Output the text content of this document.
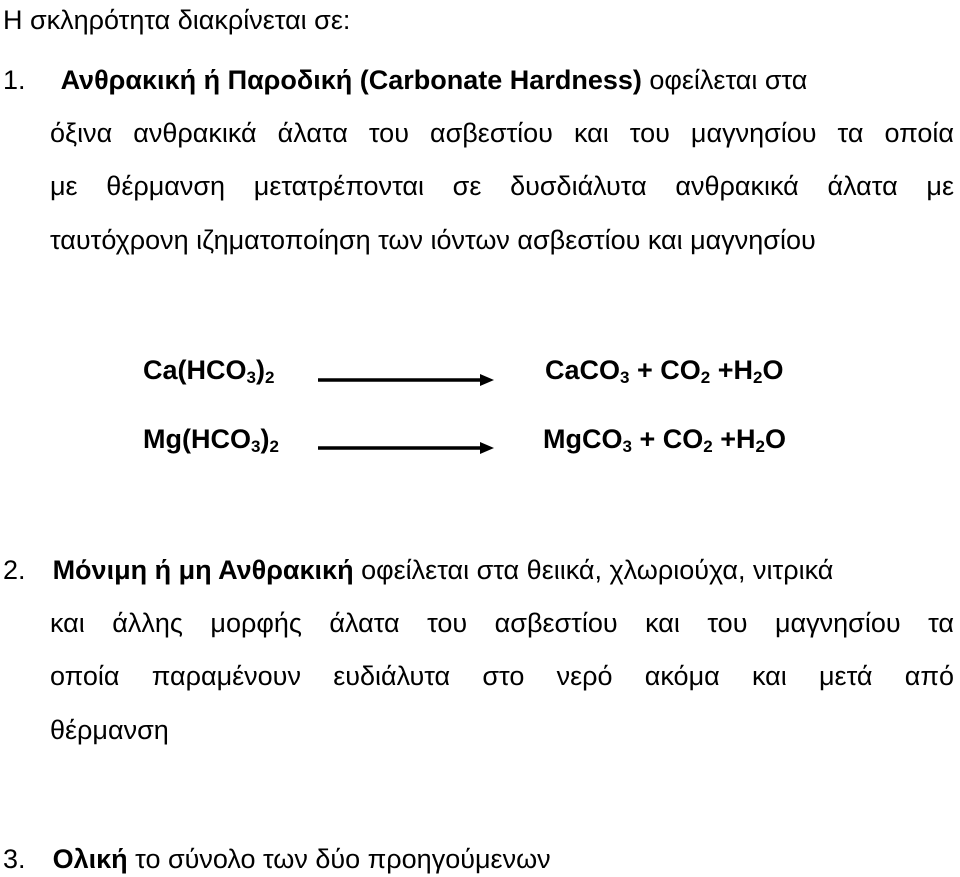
Η σκληρότητα διακρίνεται σε:
1. Ανθρακική ή Παροδική (Carbonate Hardness) οφείλεται στα
όξινα ανθρακικά άλατα του ασβεστίου και του μαγνησίου τα οποία
με θέρμανση μετατρέπονται σε δυσδιάλυτα ανθρακικά άλατα με
ταυτόχρονη ιζηματοποίηση των ιόντων ασβεστίου και μαγνησίου
$Ca(HCO_3)_2$	CaCO$_3$ + $CO_2 +H_2O$
$Mg(HCO_3)_2$	MgCO$_3$ + $CO_2 +H_2O$
2. Μόνιμη ή μη Ανθρακική οφείλεται στα θειικά, χλωριούχα, νιτρικά
και άλλης μορφής άλατα του ασβεστίου και του μαγνησίου τα
οποία παραμένουν ευδιάλυτα στο νερό ακόμα και μετά από
θέρμανση
3. Ολική το σύνολο των δύο προηγούμενων
